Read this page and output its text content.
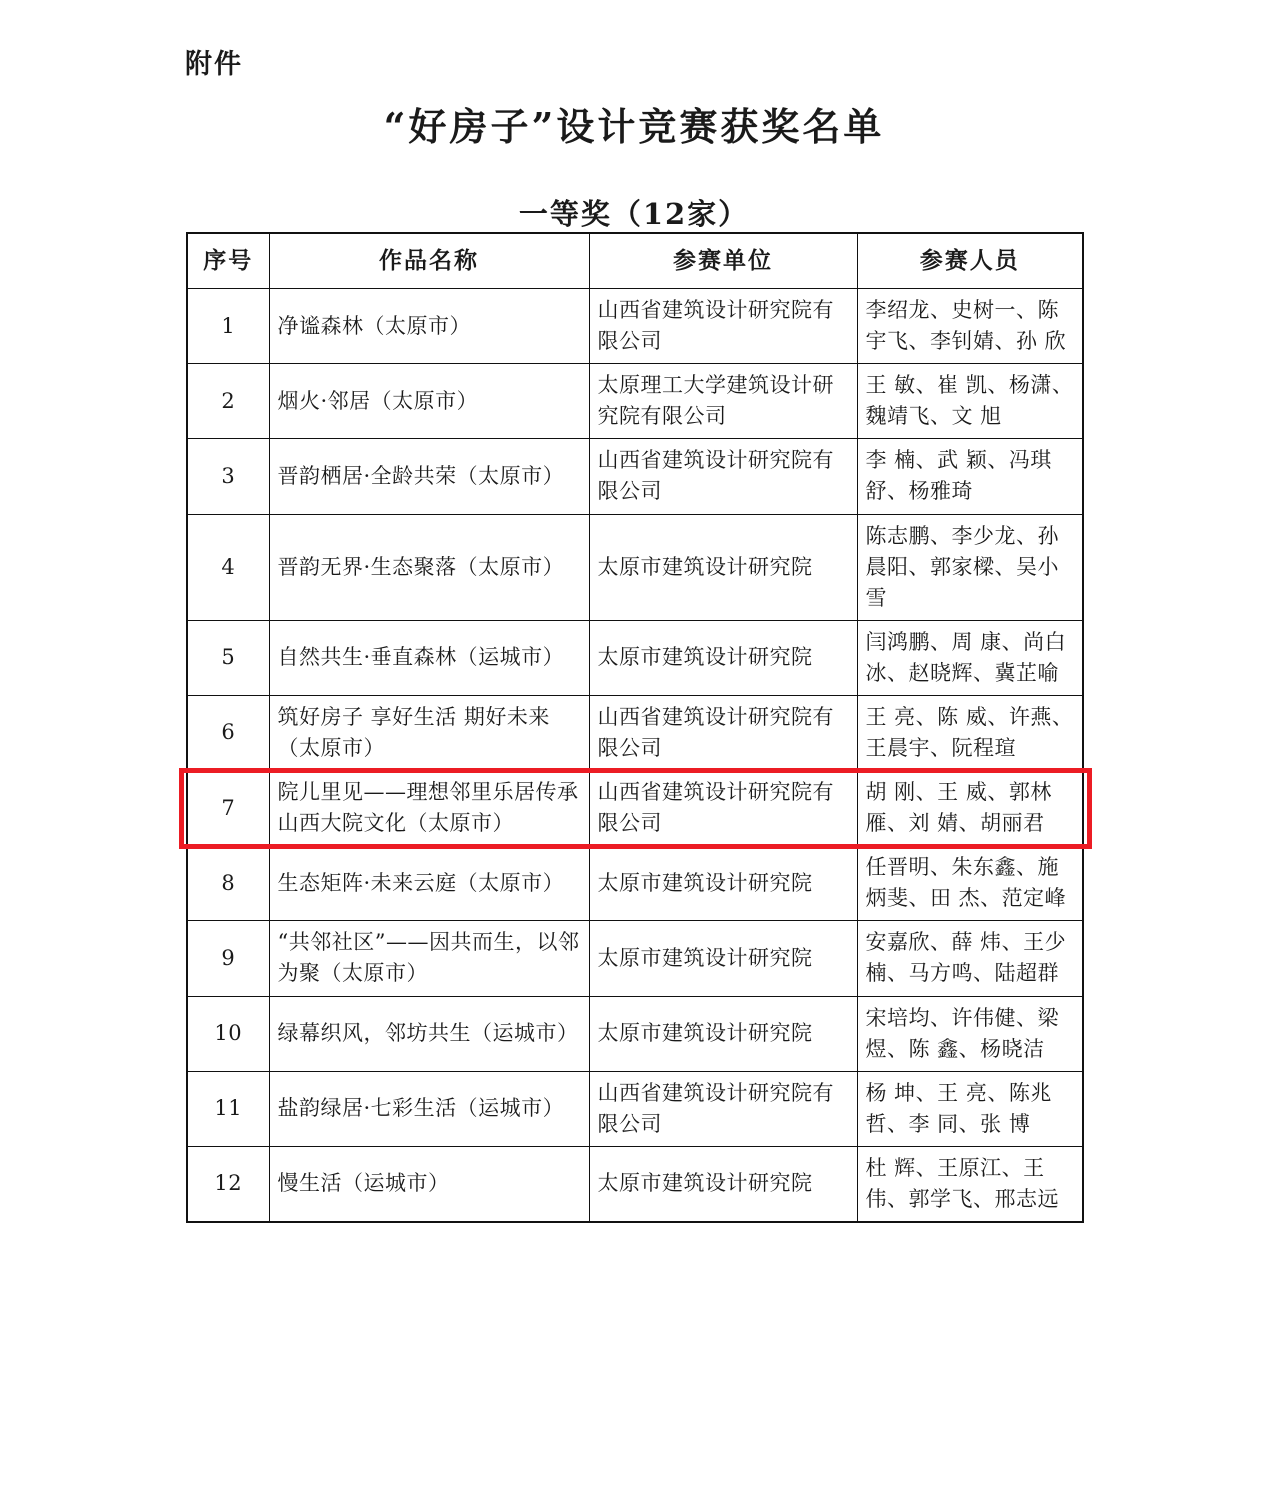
附件
“好房子”设计竞赛获奖名单
一等奖（12家）
序号	作品名称	参赛单位	参赛人员
1	净谧森林（太原市）	山西省建筑设计研究院有限公司	李绍龙、史树一、陈宇飞、李钊婧、孙 欣
2	烟火·邻居（太原市）	太原理工大学建筑设计研究院有限公司	王 敏、崔 凯、杨潇、魏靖飞、文 旭
3	晋韵栖居·全龄共荣（太原市）	山西省建筑设计研究院有限公司	李 楠、武 颖、冯琪舒、杨雅琦
4	晋韵无界·生态聚落（太原市）	太原市建筑设计研究院	陈志鹏、李少龙、孙晨阳、郭家樑、吴小雪
5	自然共生·垂直森林（运城市）	太原市建筑设计研究院	闫鸿鹏、周 康、尚白冰、赵晓辉、冀芷喻
6	筑好房子 享好生活 期好未来（太原市）	山西省建筑设计研究院有限公司	王 亮、陈 威、许燕、王晨宇、阮程瑄
7	院儿里见——理想邻里乐居传承山西大院文化（太原市）	山西省建筑设计研究院有限公司	胡 刚、王 威、郭林雁、刘 婧、胡丽君
8	生态矩阵·未来云庭（太原市）	太原市建筑设计研究院	任晋明、朱东鑫、施炳斐、田 杰、范定峰
9	“共邻社区”——因共而生，以邻为聚（太原市）	太原市建筑设计研究院	安嘉欣、薛 炜、王少楠、马方鸣、陆超群
10	绿幕织风，邻坊共生（运城市）	太原市建筑设计研究院	宋培均、许伟健、梁煜、陈 鑫、杨晓洁
11	盐韵绿居·七彩生活（运城市）	山西省建筑设计研究院有限公司	杨 坤、王 亮、陈兆哲、李 同、张 博
12	慢生活（运城市）	太原市建筑设计研究院	杜 辉、王原江、王伟、郭学飞、邢志远
